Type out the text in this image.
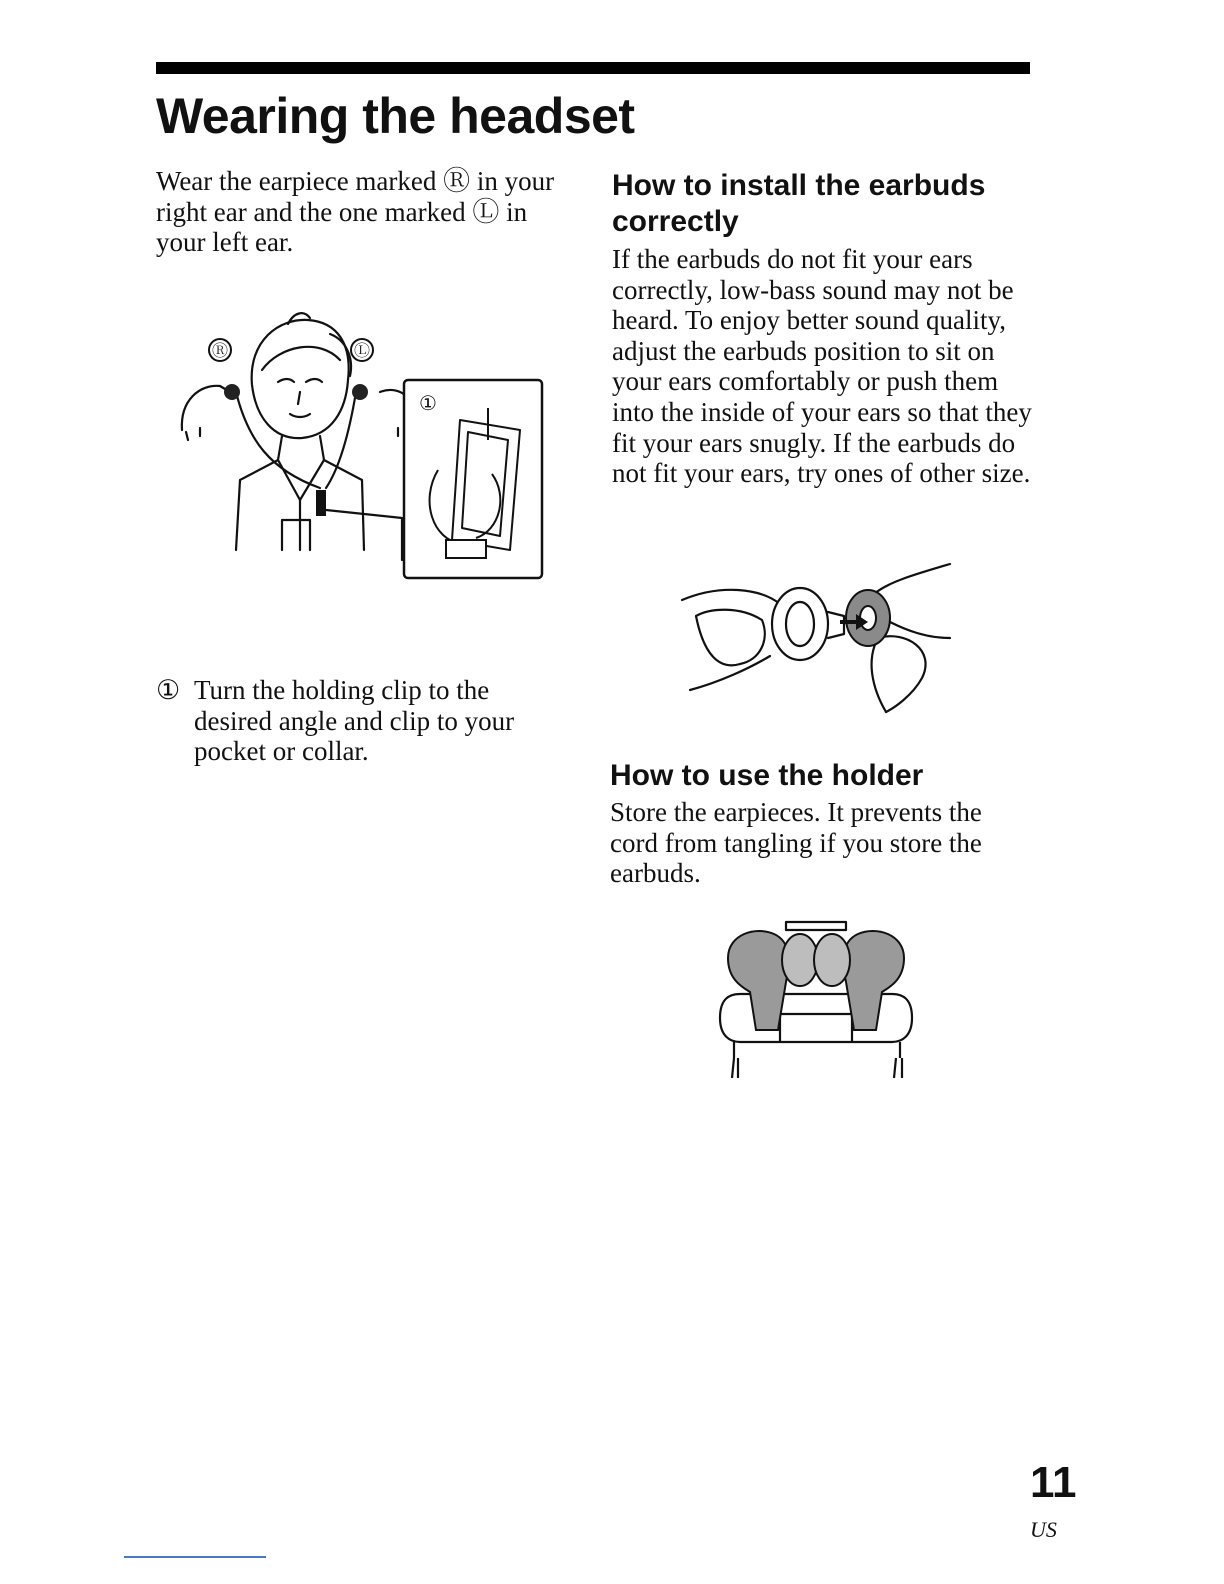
Wearing the headset

Wear the earpiece marked Ⓡ in your right ear and the one marked Ⓛ in your left ear.

Ⓡ	Ⓛ
①

① Turn the holding clip to the desired angle and clip to your pocket or collar.

How to install the earbuds correctly

If the earbuds do not fit your ears correctly, low-bass sound may not be heard. To enjoy better sound quality, adjust the earbuds position to sit on your ears comfortably or push them into the inside of your ears so that they fit your ears snugly. If the earbuds do not fit your ears, try ones of other size.

How to use the holder

Store the earpieces. It prevents the cord from tangling if you store the earbuds.

11
US
